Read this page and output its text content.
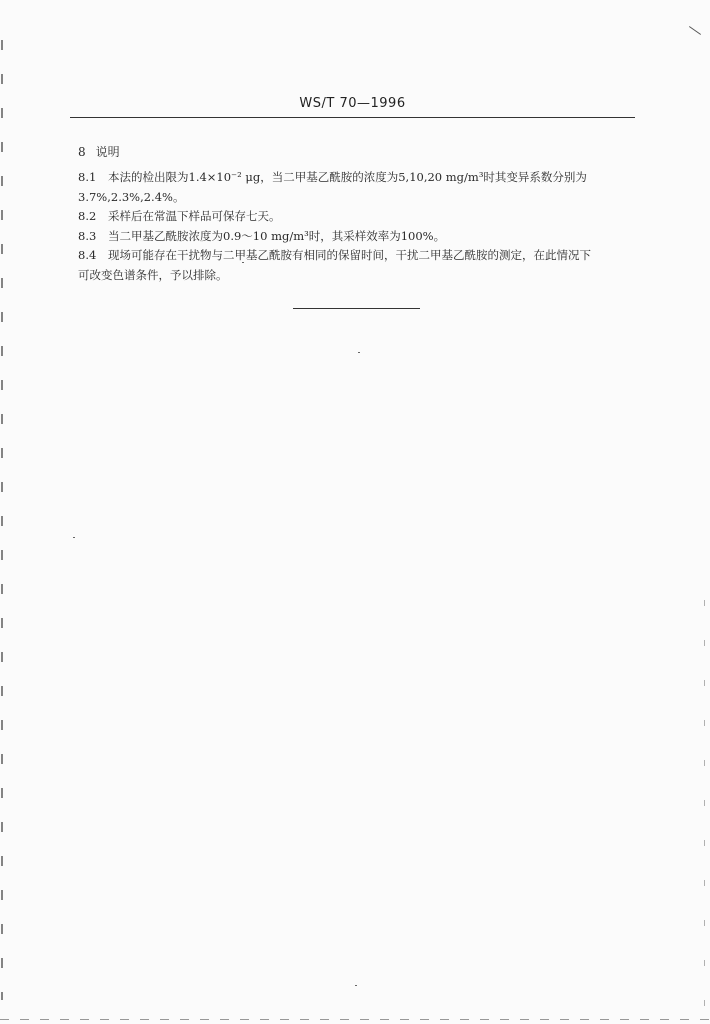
WS/T 70—1996
8 说明
8.1 本法的检出限为1.4×10⁻² μg，当二甲基乙酰胺的浓度为5,10,20 mg/m³时其变异系数分别为
3.7%,2.3%,2.4%。
8.2 采样后在常温下样品可保存七天。
8.3 当二甲基乙酰胺浓度为0.9～10 mg/m³时，其采样效率为100%。
8.4 现场可能存在干扰物与二甲基乙酰胺有相同的保留时间，干扰二甲基乙酰胺的测定，在此情况下
可改变色谱条件，予以排除。
